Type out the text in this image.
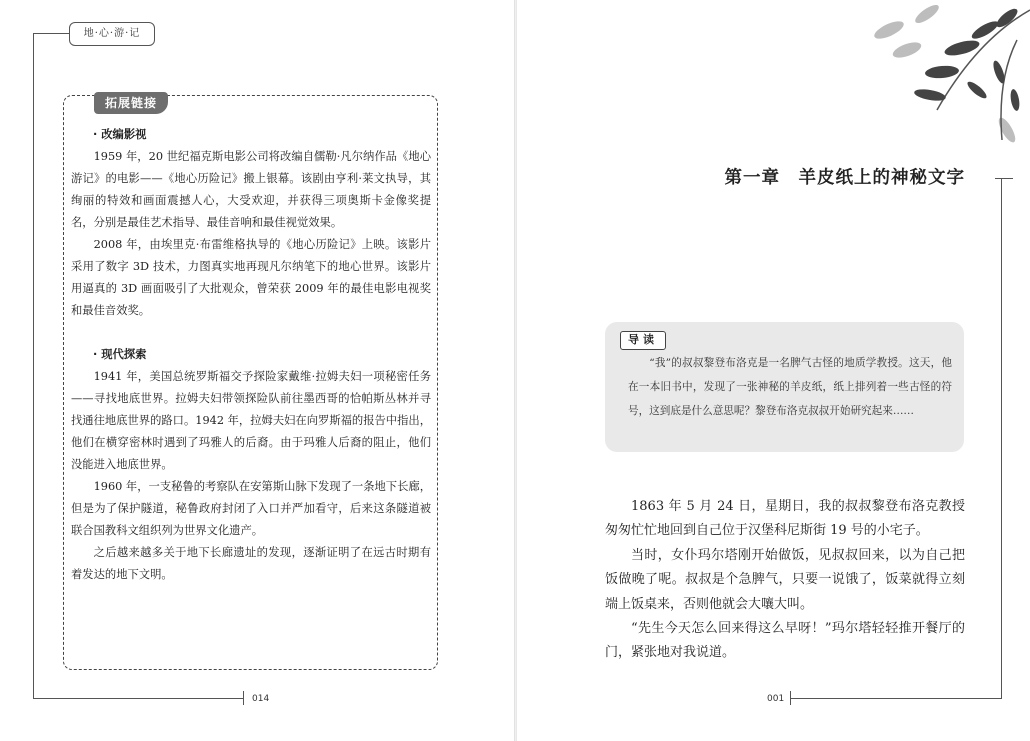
地·心·游·记
拓展链接
· 改编影视

1959 年，20 世纪福克斯电影公司将改编自儒勒·凡尔纳作品《地心游记》的电影——《地心历险记》搬上银幕。该剧由亨利·莱文执导，其绚丽的特效和画面震撼人心，大受欢迎，并获得三项奥斯卡金像奖提名，分别是最佳艺术指导、最佳音响和最佳视觉效果。

2008 年，由埃里克·布雷维格执导的《地心历险记》上映。该影片采用了数字 3D 技术，力图真实地再现凡尔纳笔下的地心世界。该影片用逼真的 3D 画面吸引了大批观众，曾荣获 2009 年的最佳电影电视奖和最佳音效奖。

· 现代探索

1941 年，美国总统罗斯福交予探险家戴维·拉姆夫妇一项秘密任务——寻找地底世界。拉姆夫妇带领探险队前往墨西哥的恰帕斯丛林并寻找通往地底世界的路口。1942 年，拉姆夫妇在向罗斯福的报告中指出，他们在横穿密林时遇到了玛雅人的后裔。由于玛雅人后裔的阻止，他们没能进入地底世界。

1960 年，一支秘鲁的考察队在安第斯山脉下发现了一条地下长廊，但是为了保护隧道，秘鲁政府封闭了入口并严加看守，后来这条隧道被联合国教科文组织列为世界文化遗产。

之后越来越多关于地下长廊遗址的发现，逐渐证明了在远古时期有着发达的地下文明。

014
第一章　羊皮纸上的神秘文字
导读

“我”的叔叔黎登布洛克是一名脾气古怪的地质学教授。这天，他在一本旧书中，发现了一张神秘的羊皮纸，纸上排列着一些古怪的符号，这到底是什么意思呢？黎登布洛克叔叔开始研究起来……

1863 年 5 月 24 日，星期日，我的叔叔黎登布洛克教授匆匆忙忙地回到自己位于汉堡科尼斯街 19 号的小宅子。

当时，女仆玛尔塔刚开始做饭，见叔叔回来，以为自己把饭做晚了呢。叔叔是个急脾气，只要一说饿了，饭菜就得立刻端上饭桌来，否则他就会大嚷大叫。

“先生今天怎么回来得这么早呀！”玛尔塔轻轻推开餐厅的门，紧张地对我说道。

001
